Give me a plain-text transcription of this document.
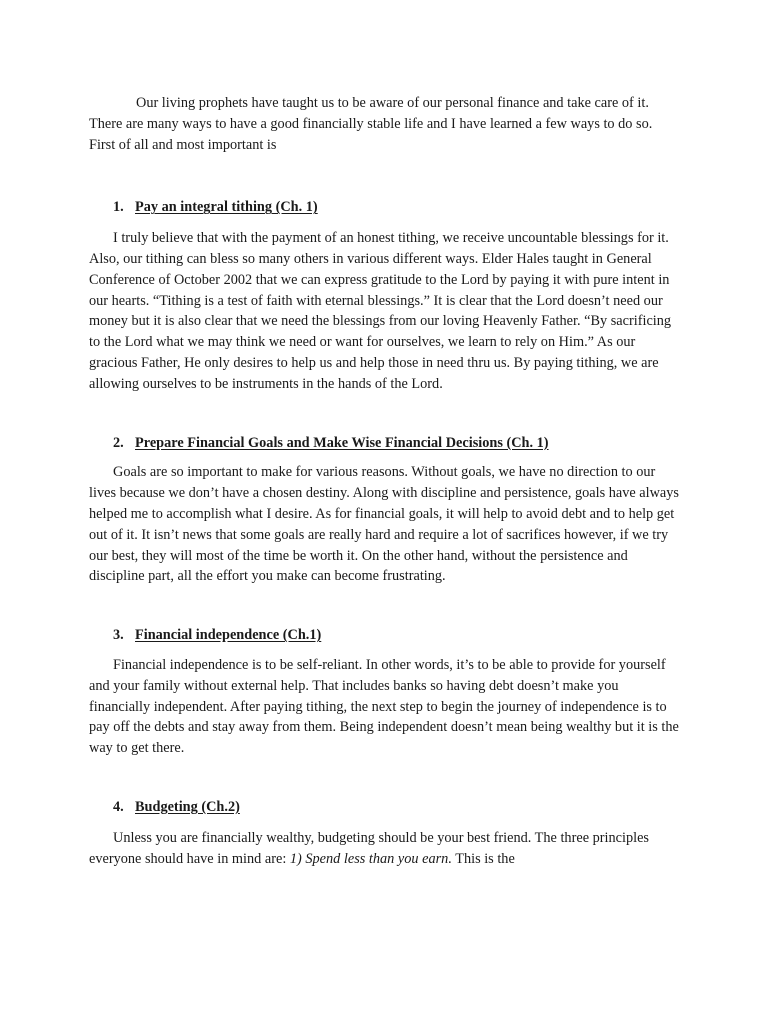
Our living prophets have taught us to be aware of our personal finance and take care of it. There are many ways to have a good financially stable life and I have learned a few ways to do so. First of all and most important is

1. Pay an integral tithing (Ch. 1)

I truly believe that with the payment of an honest tithing, we receive uncountable blessings for it. Also, our tithing can bless so many others in various different ways. Elder Hales taught in General Conference of October 2002 that we can express gratitude to the Lord by paying it with pure intent in our hearts. “Tithing is a test of faith with eternal blessings.” It is clear that the Lord doesn’t need our money but it is also clear that we need the blessings from our loving Heavenly Father. “By sacrificing to the Lord what we may think we need or want for ourselves, we learn to rely on Him.” As our gracious Father, He only desires to help us and help those in need thru us. By paying tithing, we are allowing ourselves to be instruments in the hands of the Lord.

2. Prepare Financial Goals and Make Wise Financial Decisions (Ch. 1)

Goals are so important to make for various reasons. Without goals, we have no direction to our lives because we don’t have a chosen destiny. Along with discipline and persistence, goals have always helped me to accomplish what I desire. As for financial goals, it will help to avoid debt and to help get out of it. It isn’t news that some goals are really hard and require a lot of sacrifices however, if we try our best, they will most of the time be worth it. On the other hand, without the persistence and discipline part, all the effort you make can become frustrating.

3. Financial independence (Ch.1)

Financial independence is to be self-reliant. In other words, it’s to be able to provide for yourself and your family without external help. That includes banks so having debt doesn’t make you financially independent. After paying tithing, the next step to begin the journey of independence is to pay off the debts and stay away from them. Being independent doesn’t mean being wealthy but it is the way to get there.

4. Budgeting (Ch.2)

Unless you are financially wealthy, budgeting should be your best friend. The three principles everyone should have in mind are: 1) Spend less than you earn. This is the
